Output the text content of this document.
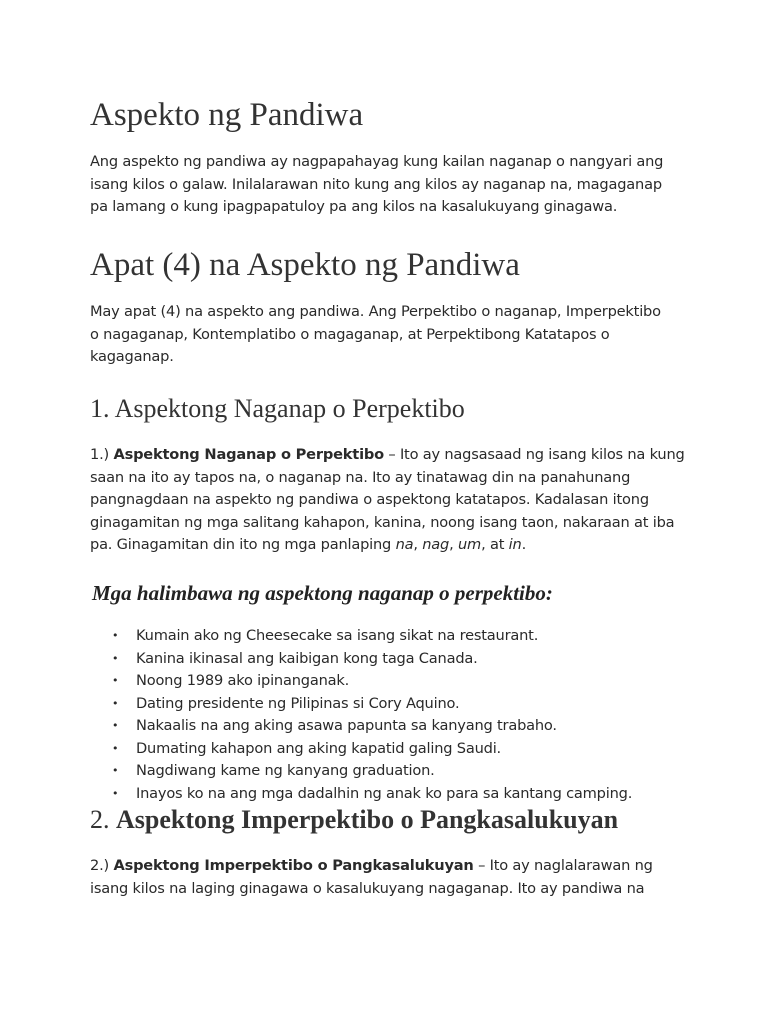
Aspekto ng Pandiwa

Ang aspekto ng pandiwa ay nagpapahayag kung kailan naganap o nangyari ang
isang kilos o galaw. Inilalarawan nito kung ang kilos ay naganap na, magaganap
pa lamang o kung ipagpapatuloy pa ang kilos na kasalukuyang ginagawa.

Apat (4) na Aspekto ng Pandiwa

May apat (4) na aspekto ang pandiwa. Ang Perpektibo o naganap, Imperpektibo
o nagaganap, Kontemplatibo o magaganap, at Perpektibong Katatapos o
kagaganap.

1. Aspektong Naganap o Perpektibo

1.) Aspektong Naganap o Perpektibo – Ito ay nagsasaad ng isang kilos na kung
saan na ito ay tapos na, o naganap na. Ito ay tinatawag din na panahunang
pangnagdaan na aspekto ng pandiwa o aspektong katatapos. Kadalasan itong
ginagamitan ng mga salitang kahapon, kanina, noong isang taon, nakaraan at iba
pa. Ginagamitan din ito ng mga panlaping na, nag, um, at in.

Mga halimbawa ng aspektong naganap o perpektibo:
• Kumain ako ng Cheesecake sa isang sikat na restaurant.
• Kanina ikinasal ang kaibigan kong taga Canada.
• Noong 1989 ako ipinanganak.
• Dating presidente ng Pilipinas si Cory Aquino.
• Nakaalis na ang aking asawa papunta sa kanyang trabaho.
• Dumating kahapon ang aking kapatid galing Saudi.
• Nagdiwang kame ng kanyang graduation.
• Inayos ko na ang mga dadalhin ng anak ko para sa kantang camping.
2. Aspektong Imperpektibo o Pangkasalukuyan

2.) Aspektong Imperpektibo o Pangkasalukuyan – Ito ay naglalarawan ng
isang kilos na laging ginagawa o kasalukuyang nagaganap. Ito ay pandiwa na
